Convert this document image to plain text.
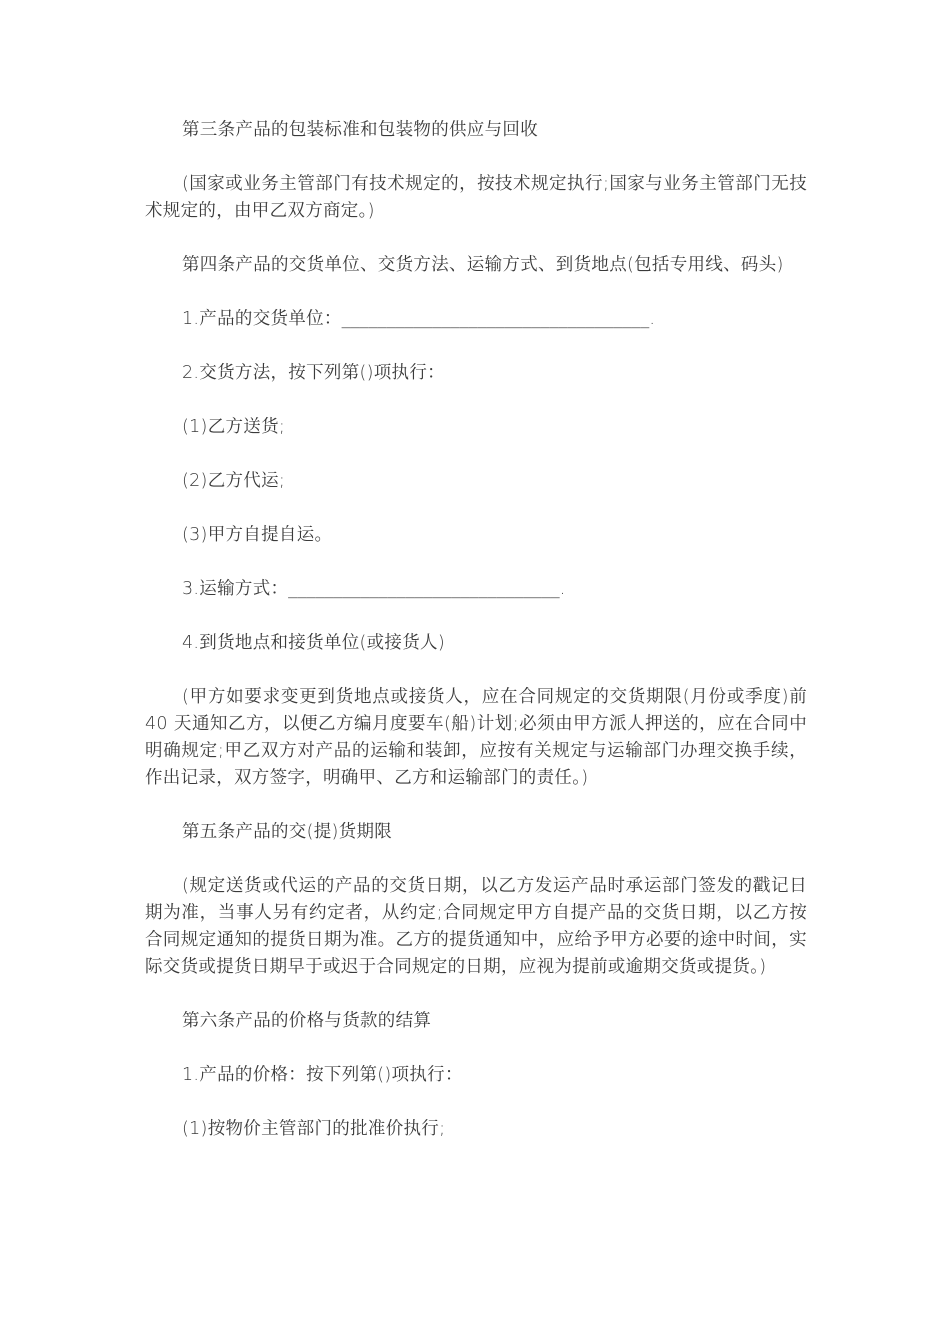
第三条产品的包装标准和包装物的供应与回收

(国家或业务主管部门有技术规定的，按技术规定执行;国家与业务主管部门无技术规定的，由甲乙双方商定。)

第四条产品的交货单位、交货方法、运输方式、到货地点(包括专用线、码头)

1.产品的交货单位：__________________________________.

2.交货方法，按下列第()项执行：

(1)乙方送货;

(2)乙方代运;

(3)甲方自提自运。

3.运输方式：______________________________.

4.到货地点和接货单位(或接货人)

(甲方如要求变更到货地点或接货人，应在合同规定的交货期限(月份或季度)前 40 天通知乙方，以便乙方编月度要车(船)计划;必须由甲方派人押送的，应在合同中明确规定;甲乙双方对产品的运输和装卸，应按有关规定与运输部门办理交换手续，作出记录，双方签字，明确甲、乙方和运输部门的责任。)

第五条产品的交(提)货期限

(规定送货或代运的产品的交货日期，以乙方发运产品时承运部门签发的戳记日期为准，当事人另有约定者，从约定;合同规定甲方自提产品的交货日期，以乙方按合同规定通知的提货日期为准。乙方的提货通知中，应给予甲方必要的途中时间，实际交货或提货日期早于或迟于合同规定的日期，应视为提前或逾期交货或提货。)

第六条产品的价格与货款的结算

1.产品的价格：按下列第()项执行：

(1)按物价主管部门的批准价执行;
